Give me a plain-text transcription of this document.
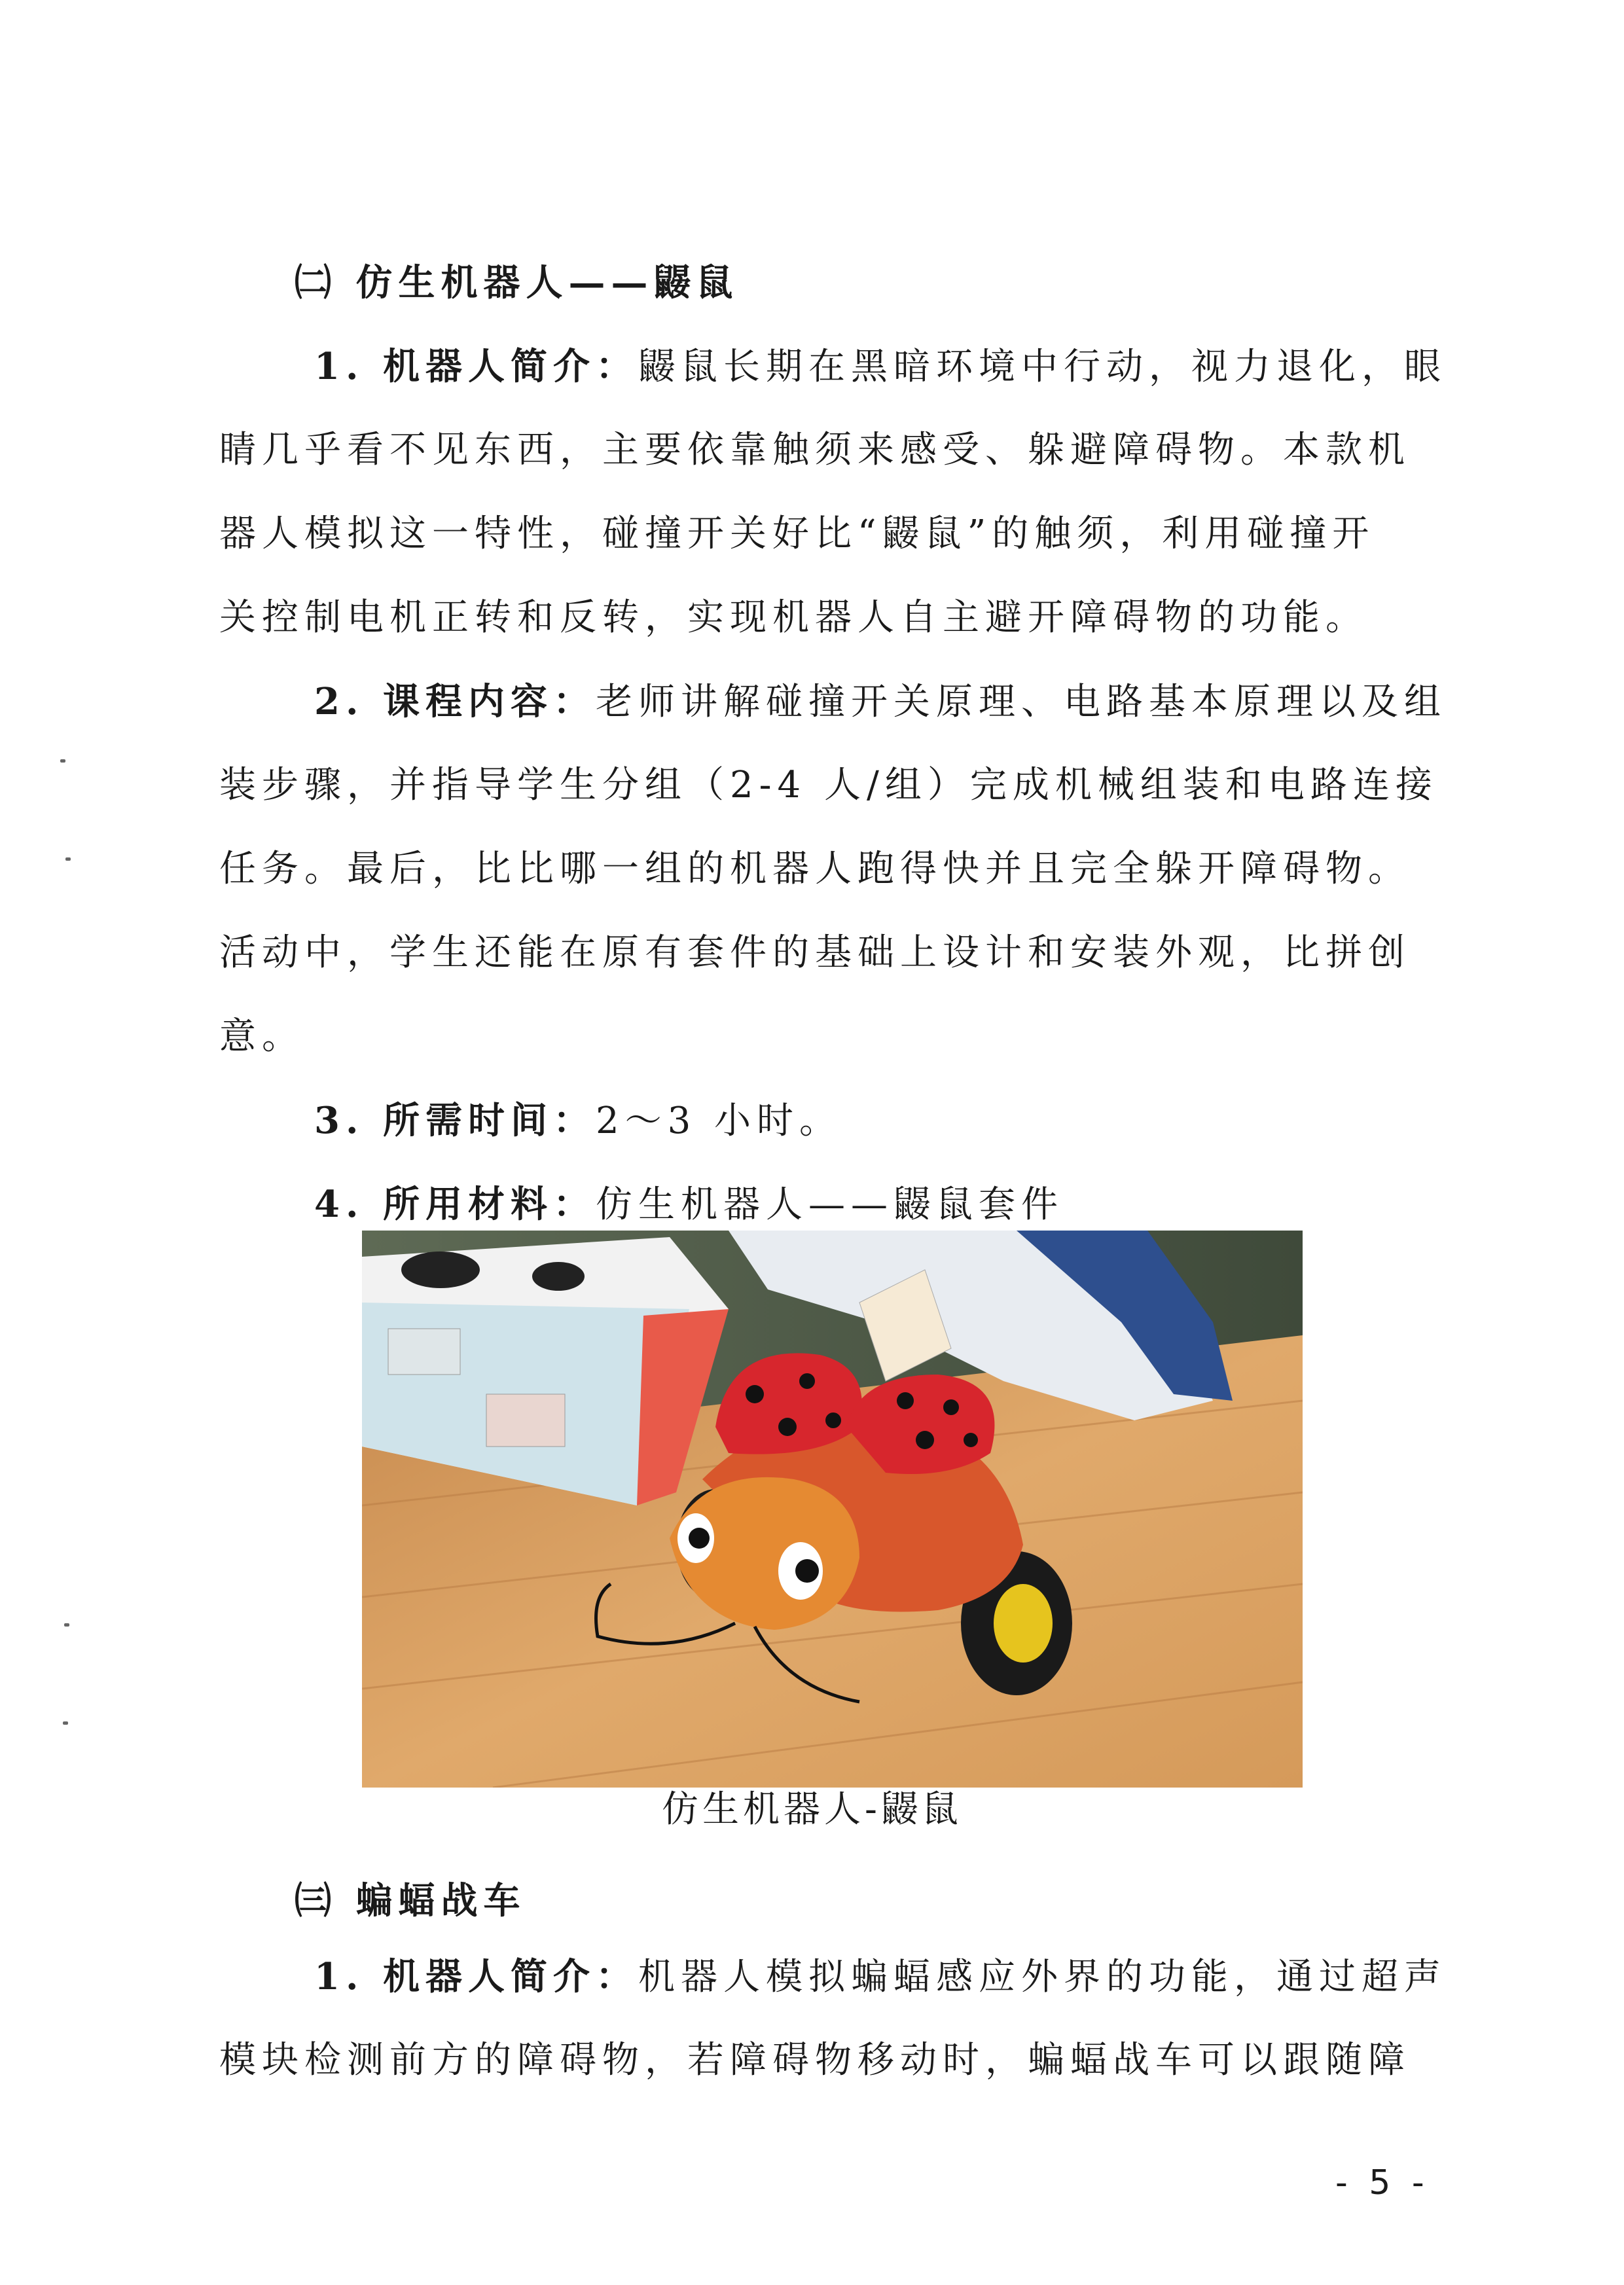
㈡ 仿生机器人——鼹鼠
1. 机器人简介：鼹鼠长期在黑暗环境中行动，视力退化，眼
睛几乎看不见东西，主要依靠触须来感受、躲避障碍物。本款机
器人模拟这一特性，碰撞开关好比“鼹鼠”的触须，利用碰撞开
关控制电机正转和反转，实现机器人自主避开障碍物的功能。
2. 课程内容：老师讲解碰撞开关原理、电路基本原理以及组
装步骤，并指导学生分组（2-4 人/组）完成机械组装和电路连接
任务。最后，比比哪一组的机器人跑得快并且完全躲开障碍物。
活动中，学生还能在原有套件的基础上设计和安装外观，比拼创
意。
3. 所需时间：2～3 小时。
4. 所用材料：仿生机器人——鼹鼠套件
仿生机器人-鼹鼠
㈢ 蝙蝠战车
1. 机器人简介：机器人模拟蝙蝠感应外界的功能，通过超声
模块检测前方的障碍物，若障碍物移动时，蝙蝠战车可以跟随障
- 5 -
